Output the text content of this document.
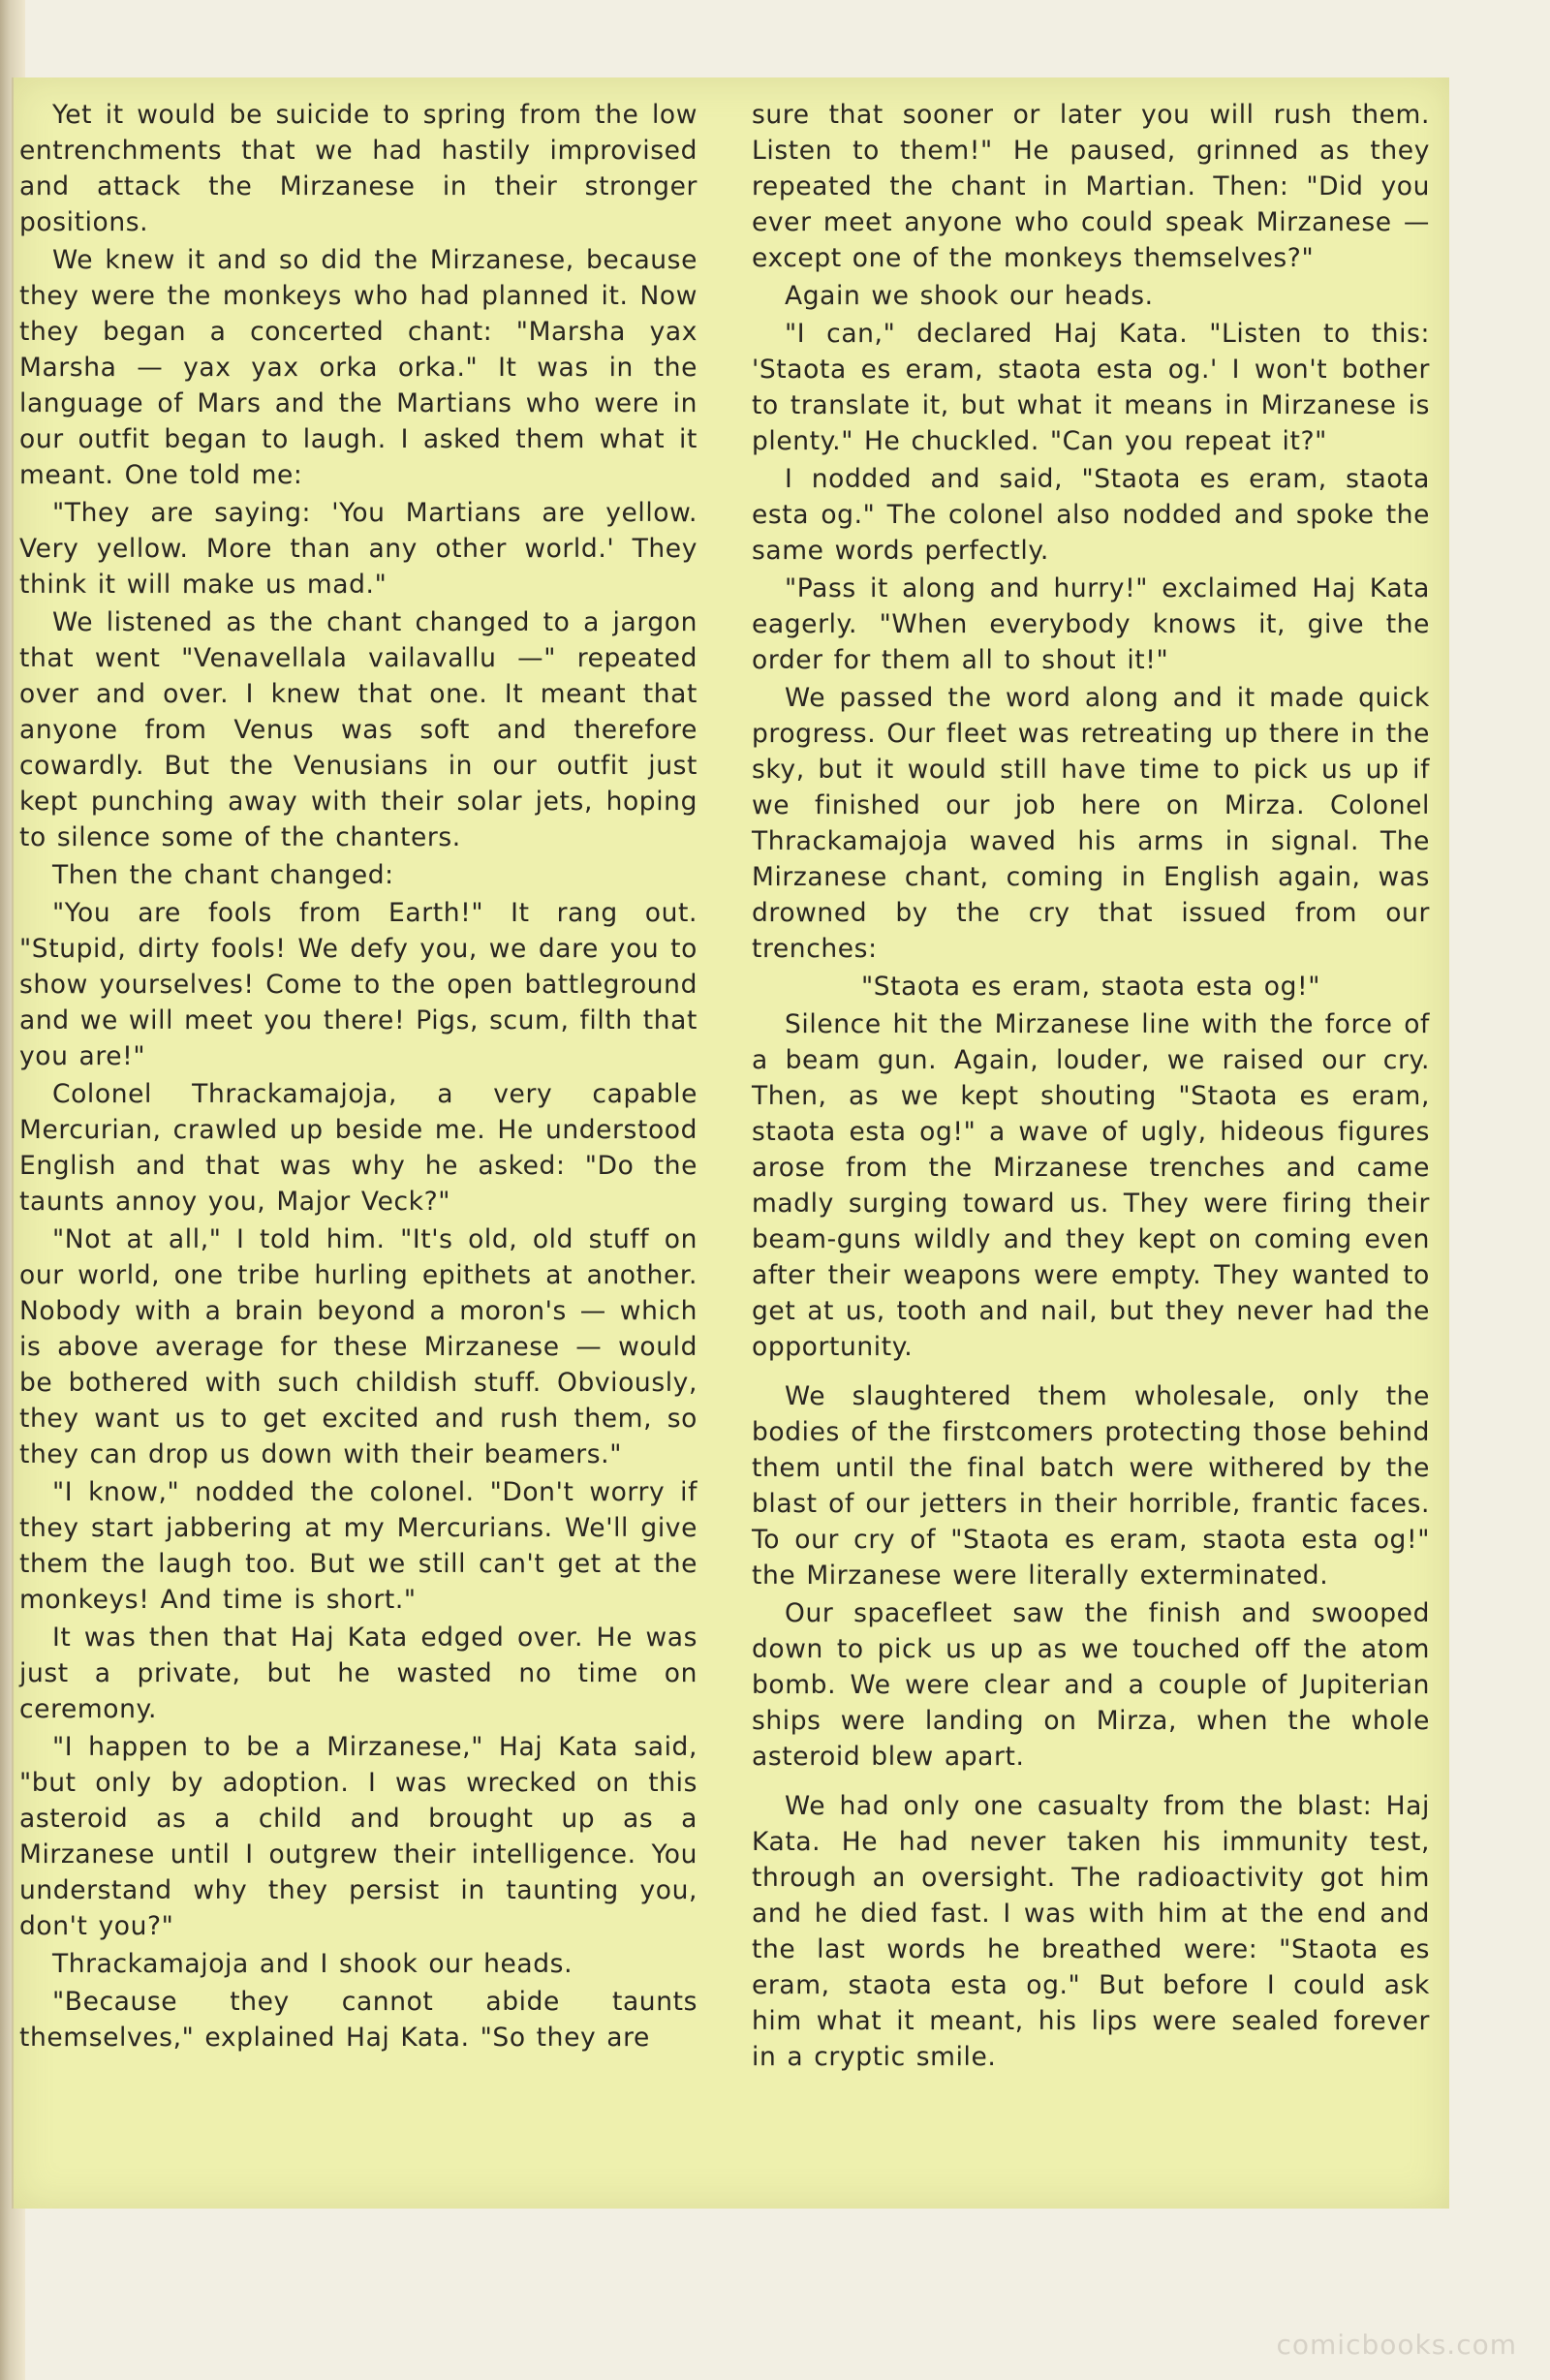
Yet it would be suicide to spring from the low entrenchments that we had hastily improvised and attack the Mirzanese in their stronger positions.

We knew it and so did the Mirzanese, because they were the monkeys who had planned it. Now they began a concerted chant: "Marsha yax Marsha — yax yax orka orka." It was in the language of Mars and the Martians who were in our outfit began to laugh. I asked them what it meant. One told me:

"They are saying: 'You Martians are yellow. Very yellow. More than any other world.' They think it will make us mad."

We listened as the chant changed to a jargon that went "Venavellala vailavallu —" repeated over and over. I knew that one. It meant that anyone from Venus was soft and therefore cowardly. But the Venusians in our outfit just kept punching away with their solar jets, hoping to silence some of the chanters.

Then the chant changed:

"You are fools from Earth!" It rang out. "Stupid, dirty fools! We defy you, we dare you to show yourselves! Come to the open battleground and we will meet you there! Pigs, scum, filth that you are!"

Colonel Thrackamajoja, a very capable Mercurian, crawled up beside me. He understood English and that was why he asked: "Do the taunts annoy you, Major Veck?"

"Not at all," I told him. "It's old, old stuff on our world, one tribe hurling epithets at another. Nobody with a brain beyond a moron's — which is above average for these Mirzanese — would be bothered with such childish stuff. Obviously, they want us to get excited and rush them, so they can drop us down with their beamers."

"I know," nodded the colonel. "Don't worry if they start jabbering at my Mercurians. We'll give them the laugh too. But we still can't get at the monkeys! And time is short."

It was then that Haj Kata edged over. He was just a private, but he wasted no time on ceremony.

"I happen to be a Mirzanese," Haj Kata said, "but only by adoption. I was wrecked on this asteroid as a child and brought up as a Mirzanese until I outgrew their intelligence. You understand why they persist in taunting you, don't you?"

Thrackamajoja and I shook our heads.

"Because they cannot abide taunts themselves," explained Haj Kata. "So they are

sure that sooner or later you will rush them. Listen to them!" He paused, grinned as they repeated the chant in Martian. Then: "Did you ever meet anyone who could speak Mirzanese — except one of the monkeys themselves?"

Again we shook our heads.

"I can," declared Haj Kata. "Listen to this: 'Staota es eram, staota esta og.' I won't bother to translate it, but what it means in Mirzanese is plenty." He chuckled. "Can you repeat it?"

I nodded and said, "Staota es eram, staota esta og." The colonel also nodded and spoke the same words perfectly.

"Pass it along and hurry!" exclaimed Haj Kata eagerly. "When everybody knows it, give the order for them all to shout it!"

We passed the word along and it made quick progress. Our fleet was retreating up there in the sky, but it would still have time to pick us up if we finished our job here on Mirza. Colonel Thrackamajoja waved his arms in signal. The Mirzanese chant, coming in English again, was drowned by the cry that issued from our trenches:

"Staota es eram, staota esta og!"

Silence hit the Mirzanese line with the force of a beam gun. Again, louder, we raised our cry. Then, as we kept shouting "Staota es eram, staota esta og!" a wave of ugly, hideous figures arose from the Mirzanese trenches and came madly surging toward us. They were firing their beam-guns wildly and they kept on coming even after their weapons were empty. They wanted to get at us, tooth and nail, but they never had the opportunity.

We slaughtered them wholesale, only the bodies of the firstcomers protecting those behind them until the final batch were withered by the blast of our jetters in their horrible, frantic faces. To our cry of "Staota es eram, staota esta og!" the Mirzanese were literally exterminated.

Our spacefleet saw the finish and swooped down to pick us up as we touched off the atom bomb. We were clear and a couple of Jupiterian ships were landing on Mirza, when the whole asteroid blew apart.

We had only one casualty from the blast: Haj Kata. He had never taken his immunity test, through an oversight. The radioactivity got him and he died fast. I was with him at the end and the last words he breathed were: "Staota es eram, staota esta og." But before I could ask him what it meant, his lips were sealed forever in a cryptic smile.

comicbooks.com
